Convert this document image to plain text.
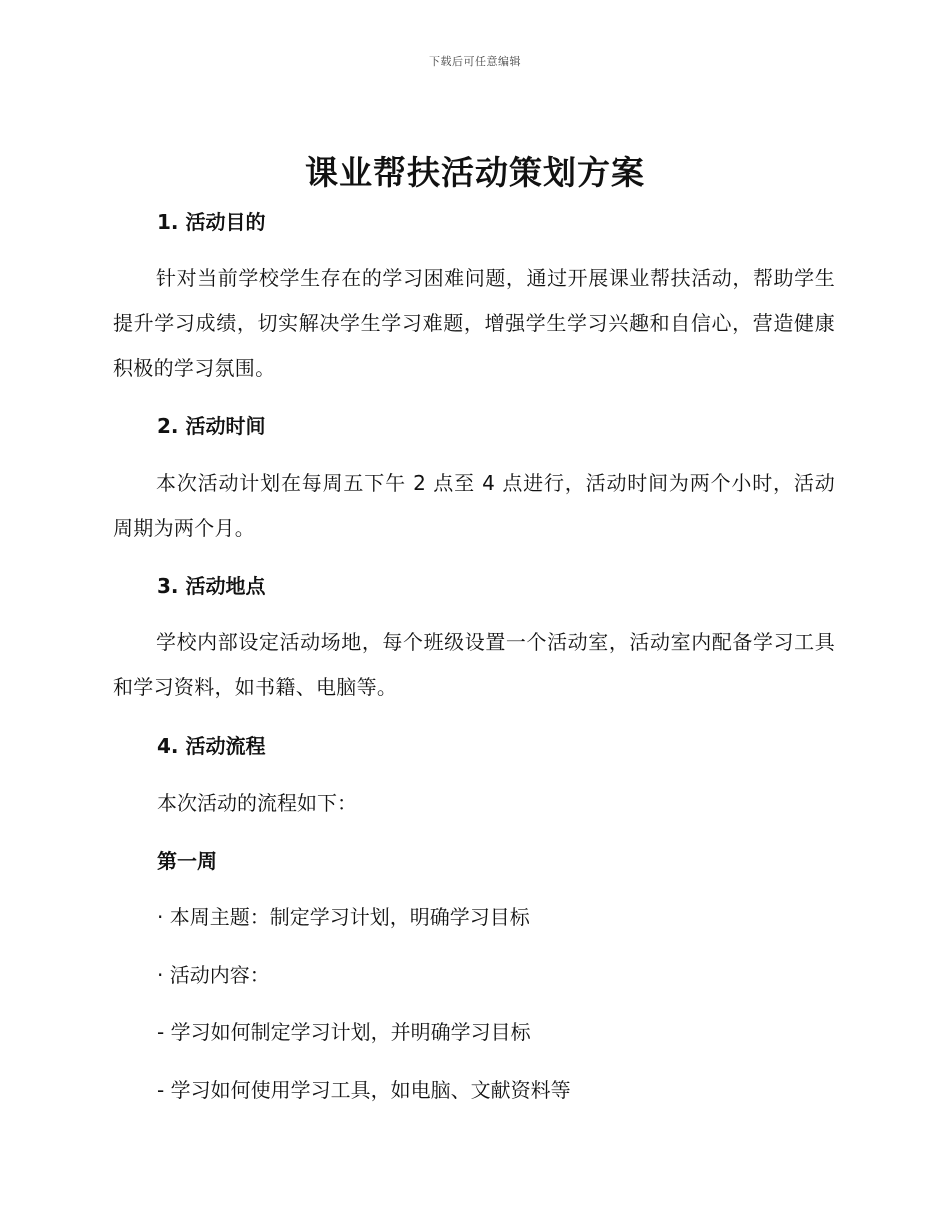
下载后可任意编辑
课业帮扶活动策划方案
1. 活动目的

针对当前学校学生存在的学习困难问题，通过开展课业帮扶活动，帮助学生提升学习成绩，切实解决学生学习难题，增强学生学习兴趣和自信心，营造健康积极的学习氛围。

2. 活动时间

本次活动计划在每周五下午 2 点至 4 点进行，活动时间为两个小时，活动周期为两个月。

3. 活动地点

学校内部设定活动场地，每个班级设置一个活动室，活动室内配备学习工具和学习资料，如书籍、电脑等。

4. 活动流程

本次活动的流程如下：

第一周

· 本周主题：制定学习计划，明确学习目标

· 活动内容：

- 学习如何制定学习计划，并明确学习目标

- 学习如何使用学习工具，如电脑、文献资料等
